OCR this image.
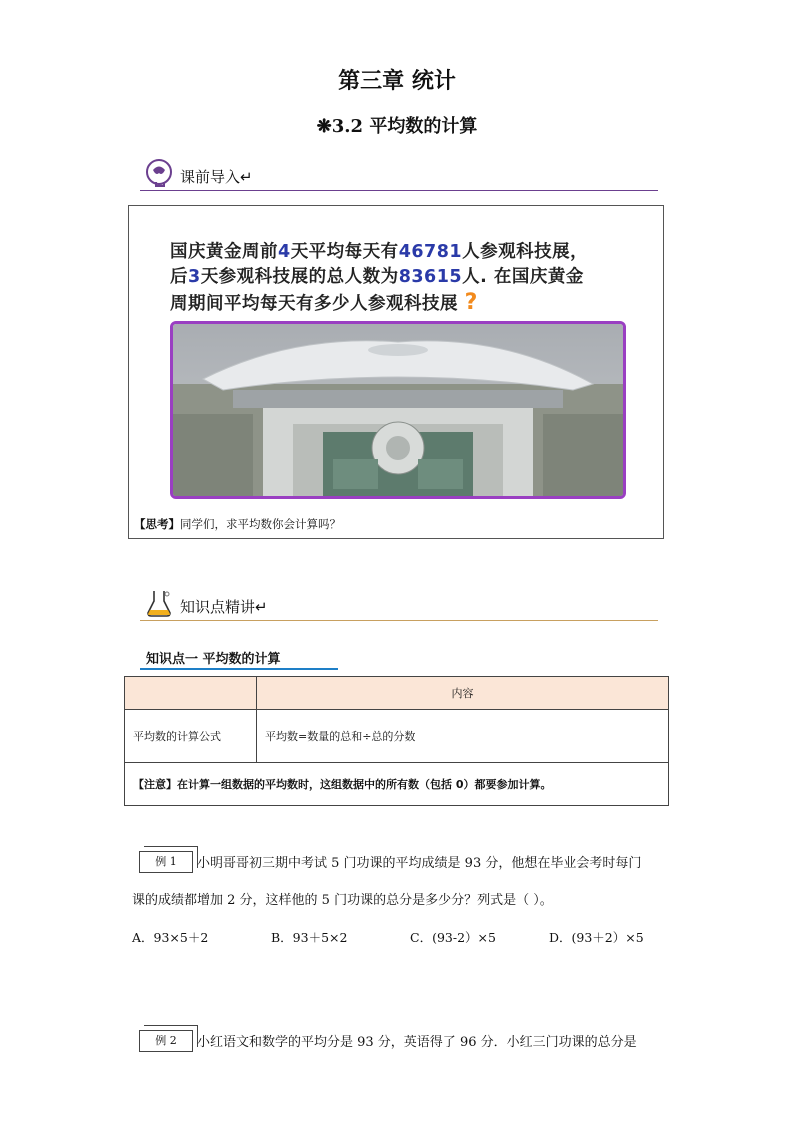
第三章 统计
❋3.2 平均数的计算
课前导入↵
国庆黄金周前4天平均每天有46781人参观科技展，
后3天参观科技展的总人数为83615人. 在国庆黄金
周期间平均每天有多少人参观科技展 ?
【思考】同学们，求平均数你会计算吗？
知识点精讲↵
知识点一 平均数的计算
	内容
平均数的计算公式	平均数=数量的总和÷总的分数
【注意】在计算一组数据的平均数时，这组数据中的所有数（包括 0）都要参加计算。	
例 1	小明哥哥初三期中考试 5 门功课的平均成绩是 93 分，他想在毕业会考时每门
课的成绩都增加 2 分，这样他的 5 门功课的总分是多少分？列式是（ ）。
A．93×5＋2	B．93＋5×2	C．(93-2）×5	D．(93＋2）×5
例 2	小红语文和数学的平均分是 93 分，英语得了 96 分．小红三门功课的总分是
